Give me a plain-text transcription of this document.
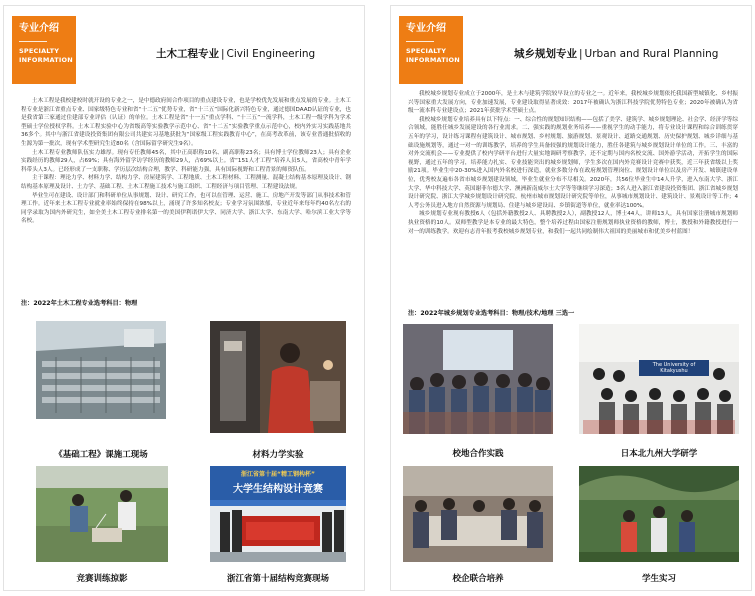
专业介绍
SPECIALTY
INFORMATION	土木工程专业 | Civil Engineering

土木工程是我校建校时就开设的专业之一，是中德政府间合作项目的重点建设专业，也是学校优先发展和重点发展的专业。土木工程专业是浙江省重点专业、国家级特色专业和省“十二五”优势专业，省“十三五”国际化新兴特色专业，通过德国DAAD认证的专业，也是我省第三家通过住建部专业评估（认证）的单位。土木工程是省“十一五”重点学科、“十三五”一流学科，土木工程一级学科为学术型硕士学位授权学科。土木工程实验中心为省级高等实验教学示范中心、省“十二五”实验教学重点示范中心，校内外实习实践基地共36多个。其中与浙江省建设投资集团有限公司共建实习基地获批为“国家级工程实践教育中心”，在高考改革前，该专业普通批招收的生源为第一批次，现有学术型研究生近80名（含国际留学研究生9名）。

土木工程专业教师队伍实力雄厚。现有专任教师45名，其中正高职称10名、副高职称23名；具有博士学位教师23人；具有企业实践经历的教师29人，占69%；具有海外留学访学经历的教师29人，占69%以上。省“151人才工程”培养人员5人，省高校中青年学科带头人3人。已经形成了一支职称、学历层次结构合理，教学、科研能力强，具有国际视野和工程背景的师资队伍。

主干课程：理论力学、材料力学、结构力学、房屋建筑学、工程地质、土木工程材料、工程测量、混凝土结构基本原理及设计、钢结构基本原理及设计、土力学、基础工程、土木工程施工技术与施工组织、工程经济与项目管理、工程建设法规。

毕业生可在建设、设计部门和科研单位从事规划、设计、研究工作，也可以在管理、运营、施工、房地产开发等部门从事技术和管理工作。近年来土木工程专业就业率始终保持在98%以上，涌现了许多知名校友；专业学习氛围浓郁，专业近年来每年约40名左右的同学录取为国内外研究生，如全美土木工程专业排名第一的美国伊利诺伊大学、同济大学、浙江大学、东南大学、哈尔滨工业大学等名校。

注：2022年土木工程专业选考科目：物理
《基础工程》课施工现场	材料力学实验
竞赛训练掠影
浙江省第十届“精工钢构杯”
大学生结构设计竞赛
浙江省第十届结构竞赛现场
专业介绍
SPECIALTY
INFORMATION	城乡规划专业 | Urban and Rural Planning

我校城乡规划专业成立于2000年，是土木与建筑学院较早设立的专业之一。近年来，我校城乡规划依托我国新型城镇化、乡村振兴等国家重大发展方向，专业加速发展，专业建设取得显著成效：2017年被确认为浙江科技学院优势特色专业；2020年被确认为省级一流本科专业建设点；2021年获批学术型硕士点。

我校城乡规划专业培养具有以下特点：一、综合性的规划知识结构——包括了美学、建筑学、城乡规划理论、社会学、经济学等综合领域，能胜任城乡发展建设的各行业需求。二、强实践的规划业务培养——重视学生的动手能力，将专业设计课程和综合训练贯穿五年的学习，设计练习课程有建筑设计、城市规划、乡村规划、旅游规划、景观设计、道路交通规划、历史保护规划、城乡详细与基础设施规划等，通过一对一的训练教学，培养的学生具备较强的规划设计能力，胜任各建筑与城乡规划设计单位的工作。三、丰富的对外交流机会——专业提供了校内学研平台进行大量实地调研考察教学，还不定期与国内名校交流、国外游学活动，开拓学生的国际视野，通过五年的学习，培养能力扎实、专业技能突出的城乡规划师，学生多次在国内外竞赛设计竞赛中获奖，近三年获省级以上奖励21项。毕业生中20-30%进入国内外名校进行深造，就业多数分布在政府规划管理岗位、规划设计单位以及房产开发、城镇建设单位，优秀校友遍布各省市城乡规划建设领域，毕业生就业分布不尽相关。2020年，共56位毕业生中14人升学，进入东南大学、浙江大学、华中科技大学、英国谢菲尔德大学、澳洲新南威尔士大学等等继续学习深造；3名人进入浙江省建设投资集团、浙江省城乡规划设计研究院、浙江大学城乡规划设计研究院、杭州市城市规划设计研究院等单位，从事城市规划设计、建筑设计、景观设计等工作；4人考公务员进入地方自然资源与规划局、住建与城乡建设局、乡镇街道等单位，就业率达100%。

城乡规划专业现有教授6人（包括外籍教授2人、具聘教授2人），副教授12人，博士44人，讲师13人，具有国家注册城市规划师执业资格的10人。双师型教学是本专业的最大特色，整个培养过程由国家注册规划师执业资格的教师，博士，教授和外籍教授进行一对一的训练教学。欢迎有志青年报考我校城乡规划专业，和我们一起共同绘制伟大祖国的美丽城市和优美乡村蓝图！

注：2022年城乡规划专业选考科目：物理/技术/地理 三选一
校地合作实践
The University of Kitakyushu
日本北九州大学研学
校企联合培养	学生实习
